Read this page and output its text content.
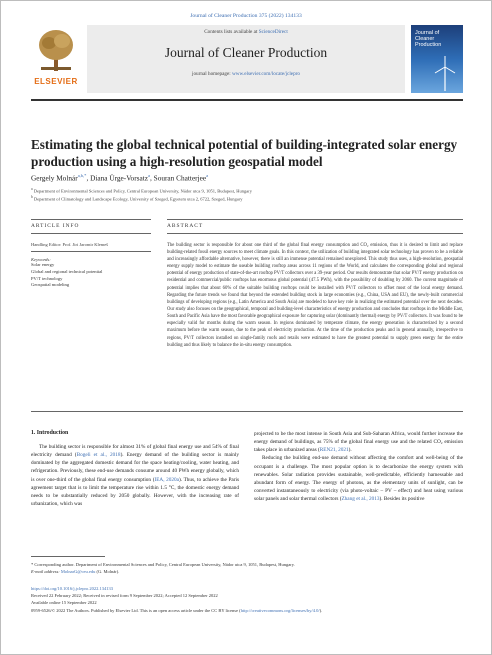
Journal of Cleaner Production 375 (2022) 134133
ELSEVIER
Contents lists available at ScienceDirect
Journal of Cleaner Production
journal homepage: www.elsevier.com/locate/jclepro
Journal of Cleaner Production
Estimating the global technical potential of building-integrated solar energy production using a high-resolution geospatial model
Gergely Molnár$^{a,b,*}$, Diana Ürge-Vorsatz$^a$, Souran Chatterjee$^a$
$^a$ Department of Environmental Sciences and Policy, Central European University, Nádor utca 9, 1051, Budapest, Hungary
$^b$ Department of Climatology and Landscape Ecology, University of Szeged, Egyetem utca 2, 6722, Szeged, Hungary
ARTICLE INFO
Handling Editor: Prof. Jiri Jaromir Klemeš
Keywords:
Solar energy
Global and regional technical potential
PV/T technology
Geospatial modeling
ABSTRACT
The building sector is responsible for about one third of the global final energy consumption and CO₂ emission, thus it is desired to limit and replace building-related fossil energy sources to meet climate goals. In this context, the utilization of building integrated solar technology has proven to be a reliable and increasingly affordable alternative, however, there is still an immense potential remained unexplored. This study thus uses, a high-resolution, geospatial energy supply model to estimate the useable building rooftop areas across 11 regions of the World, and calculates the corresponding global and regional potential of energy production of state-of-the-art rooftop PV/T collectors over a 39-year period. Our results demonstrate that solar PV/T energy production on residential and commercial/public rooftops has enormous global potential (47.5 PWh), with the possibility of doubling by 2060. The current magnitude of potential implies that about 60% of the suitable building rooftops could be installed with PV/T collectors to offset most of the local energy demand. Regarding the future trends we found that beyond the extended building stock in large economies (e.g., China, USA and EU), the newly-built commercial buildings of developing regions (e.g., Latin America and South Asia) are modeled to have key role in realizing the estimated potential over the next decades. Our study also focuses on the geographical, temporal and building-level characteristics of energy production and concludes that rooftops in the Middle East, South and Pacific Asia have the most favorable geographical exposure for capturing solar (dominantly thermal) energy by PV/T collectors. It was found to be especially valid for months during the warm season. In regions dominated by temperate climate, the energy generation is characterized by a second maximum before the warm season, due to the peak of electricity production. At the time of the production peaks and in general annually, irrespective to regions, PV/T collectors installed on single-family roofs and retails were estimated to have the greatest potential to supply green energy for the entire building and thus likely to balance the in-situ energy consumption.
1. Introduction
The building sector is responsible for almost 31% of global final energy use and 54% of final electricity demand (Bogeli et al., 2018). Energy demand of the building sector is mainly dominated by the aggregated domestic demand for the space heating/cooling, water heating, and refrigeration. Previously, these end-use demands consume around 40 PWh energy globally, which is over one-third of the global final energy consumption (IEA, 2020a). Thus, to achieve the Paris agreement target that is to limit the temperature rise within 1.5 °C, the domestic energy demand needs to be substantially reduced by 2050 globally. However, with the increasing rate of urbanization, which was
projected to be the most intense in South Asia and Sub-Saharan Africa, would further increase the energy demand of buildings, as 75% of the global final energy use and the related CO₂ emission takes place in urbanized areas (REN21, 2021).
Reducing the building end-use demand without affecting the comfort and well-being of the occupant is a challenge. The most popular option is to decarbonize the energy system with renewables. Solar radiation provides sustainable, well-predictable, efficiently harnessable and abundant form of energy. The energy of photons, as the elementary units of sunlight, can be converted instantaneously to electricity (via photo-voltaic – PV – effect) and heat using various solar panels and solar thermal collectors (Zhang et al., 2013). Besides its positive
* Corresponding author. Department of Environmental Sciences and Policy, Central European University, Nádor utca 9, 1051, Budapest, Hungary.
E-mail address: MolnarG@ceu.edu (G. Molnár).
https://doi.org/10.1016/j.jclepro.2022.134133
Received 22 February 2022; Received in revised form 9 September 2022; Accepted 12 September 2022
Available online 15 September 2022
0959-6526/© 2022 The Authors. Published by Elsevier Ltd. This is an open access article under the CC BY license (http://creativecommons.org/licenses/by/4.0/).
